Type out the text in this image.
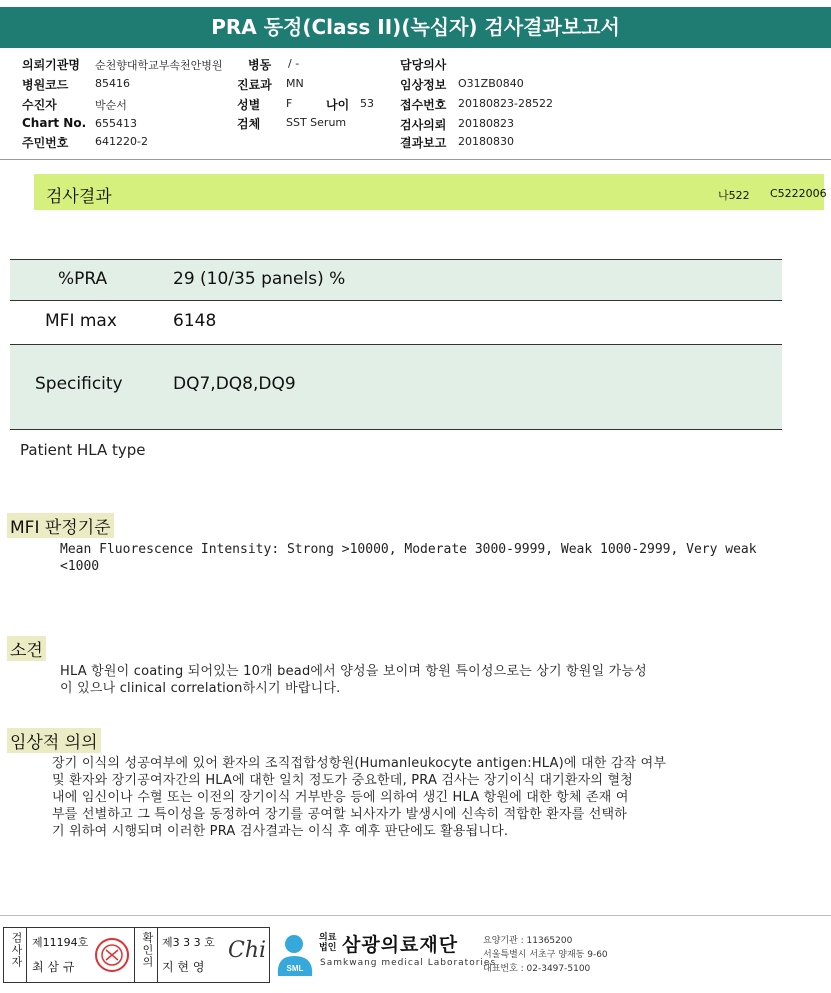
PRA 동정(Class II)(녹십자) 검사결과보고서
의뢰기관명 순천향대학교부속천안병원
병원코드 85416
수진자	박순서
Chart No. 655413
주민번호 641220-2
병동 / -
진료과 MN
성별 F	나이 53
검체 SST Serum
담당의사
임상정보 O31ZB0840
접수번호 20180823-28522
검사의뢰 20180823
결과보고 20180830
검사결과	나522 C5222006
%PRA	29 (10/35 panels) %
MFI max	6148
Specificity	DQ7,DQ8,DQ9
Patient HLA type
MFI 판정기준
Mean Fluorescence Intensity: Strong >10000, Moderate 3000-9999, Weak 1000-2999, Very weak
<1000
소견
HLA 항원이 coating 되어있는 10개 bead에서 양성을 보이며 항원 특이성으로는 상기 항원일 가능성
이 있으나 clinical correlation하시기 바랍니다.
임상적 의의
장기 이식의 성공여부에 있어 환자의 조직접합성항원(Humanleukocyte antigen:HLA)에 대한 감작 여부
및 환자와 장기공여자간의 HLA에 대한 일치 정도가 중요한데, PRA 검사는 장기이식 대기환자의 혈청
내에 임신이나 수혈 또는 이전의 장기이식 거부반응 등에 의하여 생긴 HLA 항원에 대한 항체 존재 여
부를 선별하고 그 특이성을 동정하여 장기를 공여할 뇌사자가 발생시에 신속히 적합한 환자를 선택하
기 위하여 시행되며 이러한 PRA 검사결과는 이식 후 예후 판단에도 활용됩니다.
검사자 제11194호
최 삼 규	확인의 제3 3 3 호
지 현 영
Chi
SML
의료법인 삼광의료재단
Samkwang medical Laboratories
요양기관 : 11365200
서울특별시 서초구 양재동 9-60
대표번호 : 02-3497-5100
